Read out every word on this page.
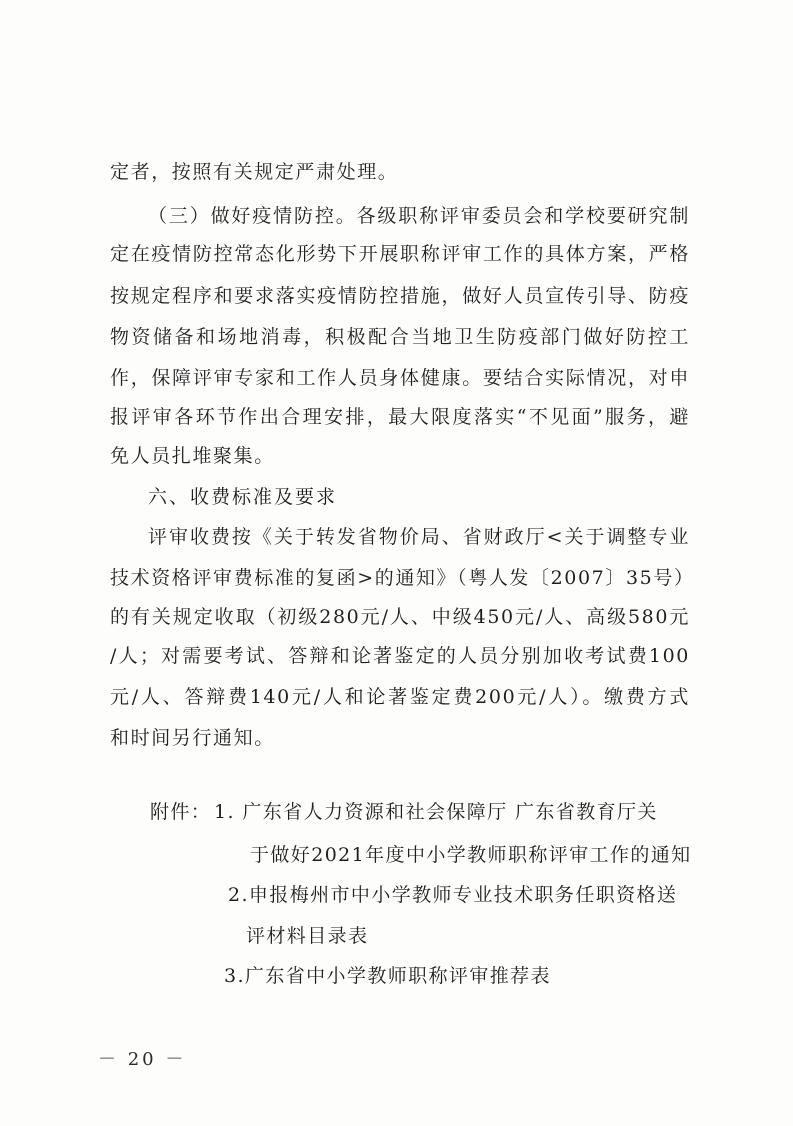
定者，按照有关规定严肃处理。
（三）做好疫情防控。各级职称评审委员会和学校要研究制
定在疫情防控常态化形势下开展职称评审工作的具体方案，严格
按规定程序和要求落实疫情防控措施，做好人员宣传引导、防疫
物资储备和场地消毒，积极配合当地卫生防疫部门做好防控工
作，保障评审专家和工作人员身体健康。要结合实际情况，对申
报评审各环节作出合理安排，最大限度落实“不见面”服务，避
免人员扎堆聚集。
六、收费标准及要求
评审收费按《关于转发省物价局、省财政厅<关于调整专业
技术资格评审费标准的复函>的通知》（粤人发〔2007〕35号）
的有关规定收取（初级280元/人、中级450元/人、高级580元
/人；对需要考试、答辩和论著鉴定的人员分别加收考试费100
元/人、答辩费140元/人和论著鉴定费200元/人）。缴费方式
和时间另行通知。
附件： 1. 广东省人力资源和社会保障厅 广东省教育厅关
于做好2021年度中小学教师职称评审工作的通知
2.申报梅州市中小学教师专业技术职务任职资格送
评材料目录表
3.广东省中小学教师职称评审推荐表
－ 20 －
